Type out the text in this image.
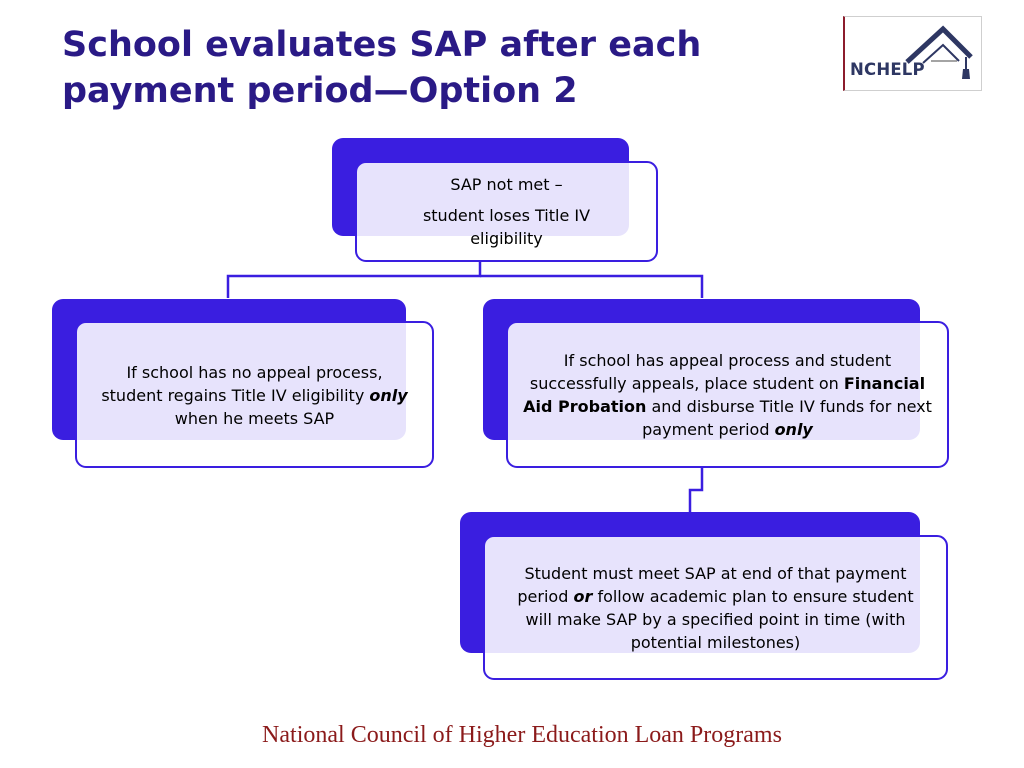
School evaluates SAP after each payment period—Option 2
NCHELP

SAP not met –

student loses Title IV eligibility

If school has no appeal process, student regains Title IV eligibility only when he meets SAP

If school has appeal process and student successfully appeals, place student on Financial Aid Probation and disburse Title IV funds for next payment period only

Student must meet SAP at end of that payment period or follow academic plan to ensure student will make SAP by a specified point in time (with potential milestones)

National Council of Higher Education Loan Programs
